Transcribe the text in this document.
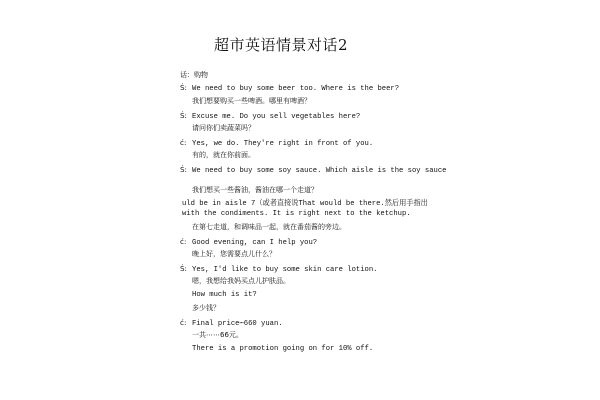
超市英语情景对话2
话：购物
Ś: We need to buy some beer too. Where is the beer?
我们想要购买一些啤酒。哪里有啤酒？
Ś: Excuse me. Do you sell vegetables here?
请问你们卖蔬菜吗？
ć: Yes, we do. They're right in front of you.
有的，就在你前面。
Ś: We need to buy some soy sauce. Which aisle is the soy sauce
我们想买一些酱油，酱油在哪一个走道？
uld be in aisle 7（或者直接说That would be there.然后用手指出
with the condiments. It is right next to the ketchup.
在第七走道，和调味品一起，就在番茄酱的旁边。
ć: Good evening, can I help you?
晚上好，您需要点儿什么？
Ś: Yes, I'd like to buy some skin care lotion.
嗯，我想给我妈买点儿护肤品。
How much is it?
多少钱？
ć: Final price⋯660 yuan.
一共⋯⋯66元。
There is a promotion going on for 10% off.
